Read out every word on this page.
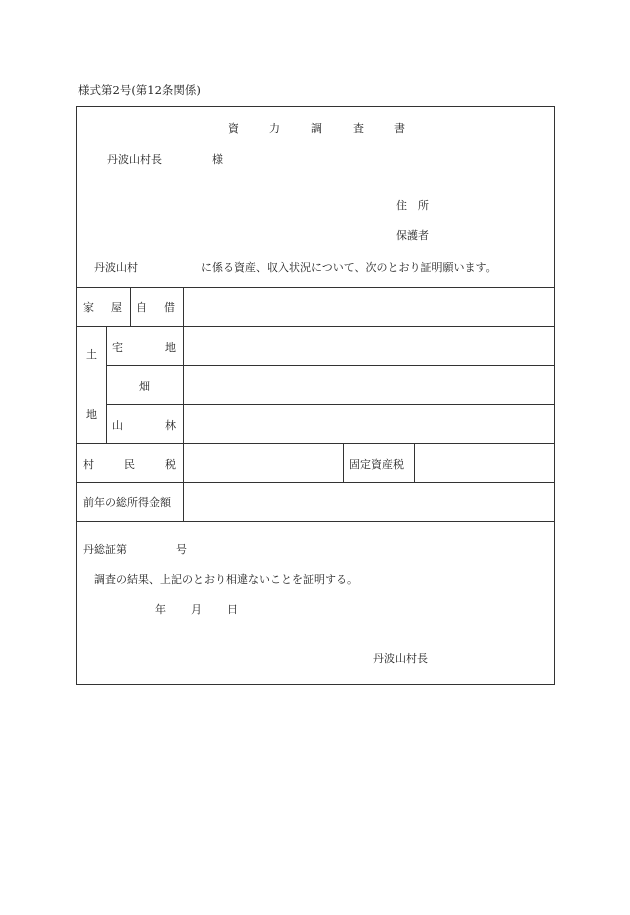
様式第2号(第12条関係)
資	力	調	査	書
丹波山村長	様
住　所
保護者
丹波山村	に係る資産、収入状況について、次のとおり証明願います。
家 屋 自 借
土
地
宅	地
畑
山	林
村	民	税	固定資産税
前年の総所得金額
丹総証第	号
調査の結果、上記のとおり相違ないことを証明する。
年 月 日
丹波山村長
